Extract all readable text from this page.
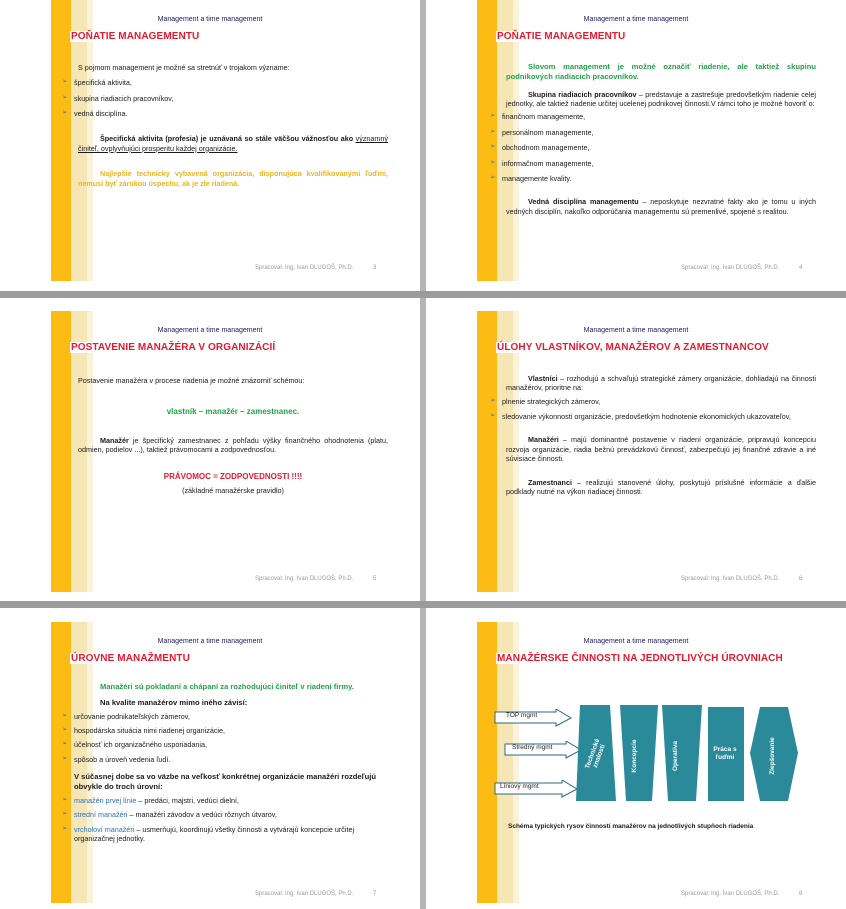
Management a time management
POŇATIE MANAGEMENTU

S pojmom management je možné sa stretnúť v trojakom význame:

➢ špecifická aktivita,
➢ skupina riadiacich pracovníkov,
➢ vedná disciplína.

Špecifická aktivita (profesia) je uznávaná so stále väčšou vážnosťou ako významný činiteľ, ovplyvňujúci prosperitu každej organizácie.

Najlepšie technicky vybavená organizácia, disponujúca kvalifikovanými ľuďmi, nemusí byť zárukou úspechu, ak je zle riadená.

Spracoval: Ing. Ivan DLUGOŠ, Ph.D.	3
Management a time management
POŇATIE MANAGEMENTU

Slovom management je možné označiť riadenie, ale taktiež skupinu podnikových riadiacich pracovníkov.

Skupina riadiacich pracovníkov – predstavuje a zastrešuje predovšetkým riadenie celej jednotky, ale taktiež riadenie určitej ucelenej podnikovej činnosti.V rámci toho je možné hovoriť o:

➢ finančnom managemente,
➢ personálnom managemente,
➢ obchodnom managemente,
➢ informačnom managemente,
➢ managemente kvality.

Vedná disciplína managementu – neposkytuje nezvratné fakty ako je tomu u iných vedných disciplín, nakoľko odporúčania managementu sú premenlivé, spojené s realitou.

Spracoval: Ing. Ivan DLUGOŠ, Ph.D.	4
Management a time management
POSTAVENIE MANAŽÉRA V ORGANIZÁCIÍ

Postavenie manažéra v procese riadenia je možné znázorniť schémou:

vlastník – manažér – zamestnanec.

Manažér je špecifický zamestnanec z pohľadu výšky finančného ohodnotenia (platu, odmien, podielov ...), taktiež právomocami a zodpovednosťou.

PRÁVOMOC = ZODPOVEDNOSTI !!!!

(základné manažérske pravidlo)

Spracoval: Ing. Ivan DLUGOŠ, Ph.D.	5
Management a time management
ÚLOHY VLASTNÍKOV, MANAŽÉROV A ZAMESTNANCOV

Vlastníci – rozhodujú a schvaľujú strategické zámery organizácie, dohliadajú na činnosti manažérov, prioritne na:

➢ plnenie strategických zámerov,
➢ sledovanie výkonnosti organizácie, predovšetkým hodnotenie ekonomických ukazovateľov,

Manažéri – majú dominantné postavenie v riadení organizácie, pripravujú koncepciu rozvoja organizácie, riadia bežnú prevádzkovú činnosť, zabezpečujú jej finančné zdravie a iné súvisiace činnosti.

Zamestnanci – realizujú stanovené úlohy, poskytujú príslušné informácie a ďalšie podklady nutné na výkon riadiacej činnosti.

Spracoval: Ing. Ivan DLUGOŠ, Ph.D.	6
Management a time management
ÚROVNE MANAŽMENTU

Manažéri sú pokladaní a chápaní za rozhodujúci činiteľ v riadení firmy.

Na kvalite manažérov mimo iného závisí:

➢ určovanie podnikateľských zámerov,
➢ hospodárska situácia nimi riadenej organizácie,
➢ účelnosť ich organizačného usporiadania,
➢ spôsob a úroveň vedenia ľudí.

V súčasnej dobe sa vo väzbe na veľkosť konkrétnej organizácie manažéri rozdeľujú obvykle do troch úrovní:

➢ manažéri prvej línie – predáci, majstri, vedúci dielní,
➢ strední manažéri – manažéri závodov a vedúci rôznych útvarov,
➢ vrcholoví manažéri – usmerňujú, koordinujú všetky činnosti a vytvárajú koncepcie určitej organizačnej jednotky.
Spracoval: Ing. Ivan DLUGOŠ, Ph.D.	7
Management a time management
MANAŽÉRSKE ČINNOSTI NA JEDNOTLIVÝCH ÚROVNIACH
TOP mgmt
Stredný mgmt
Líniový mgmt
Technické znalosti	Koncepcie	Operatíva	Práca s ľuďmi	Zlepšovanie
Schéma typických rysov činností manažérov na jednotlivých stupňoch riadenia
Spracoval: Ing. Ivan DLUGOŠ, Ph.D.	8
